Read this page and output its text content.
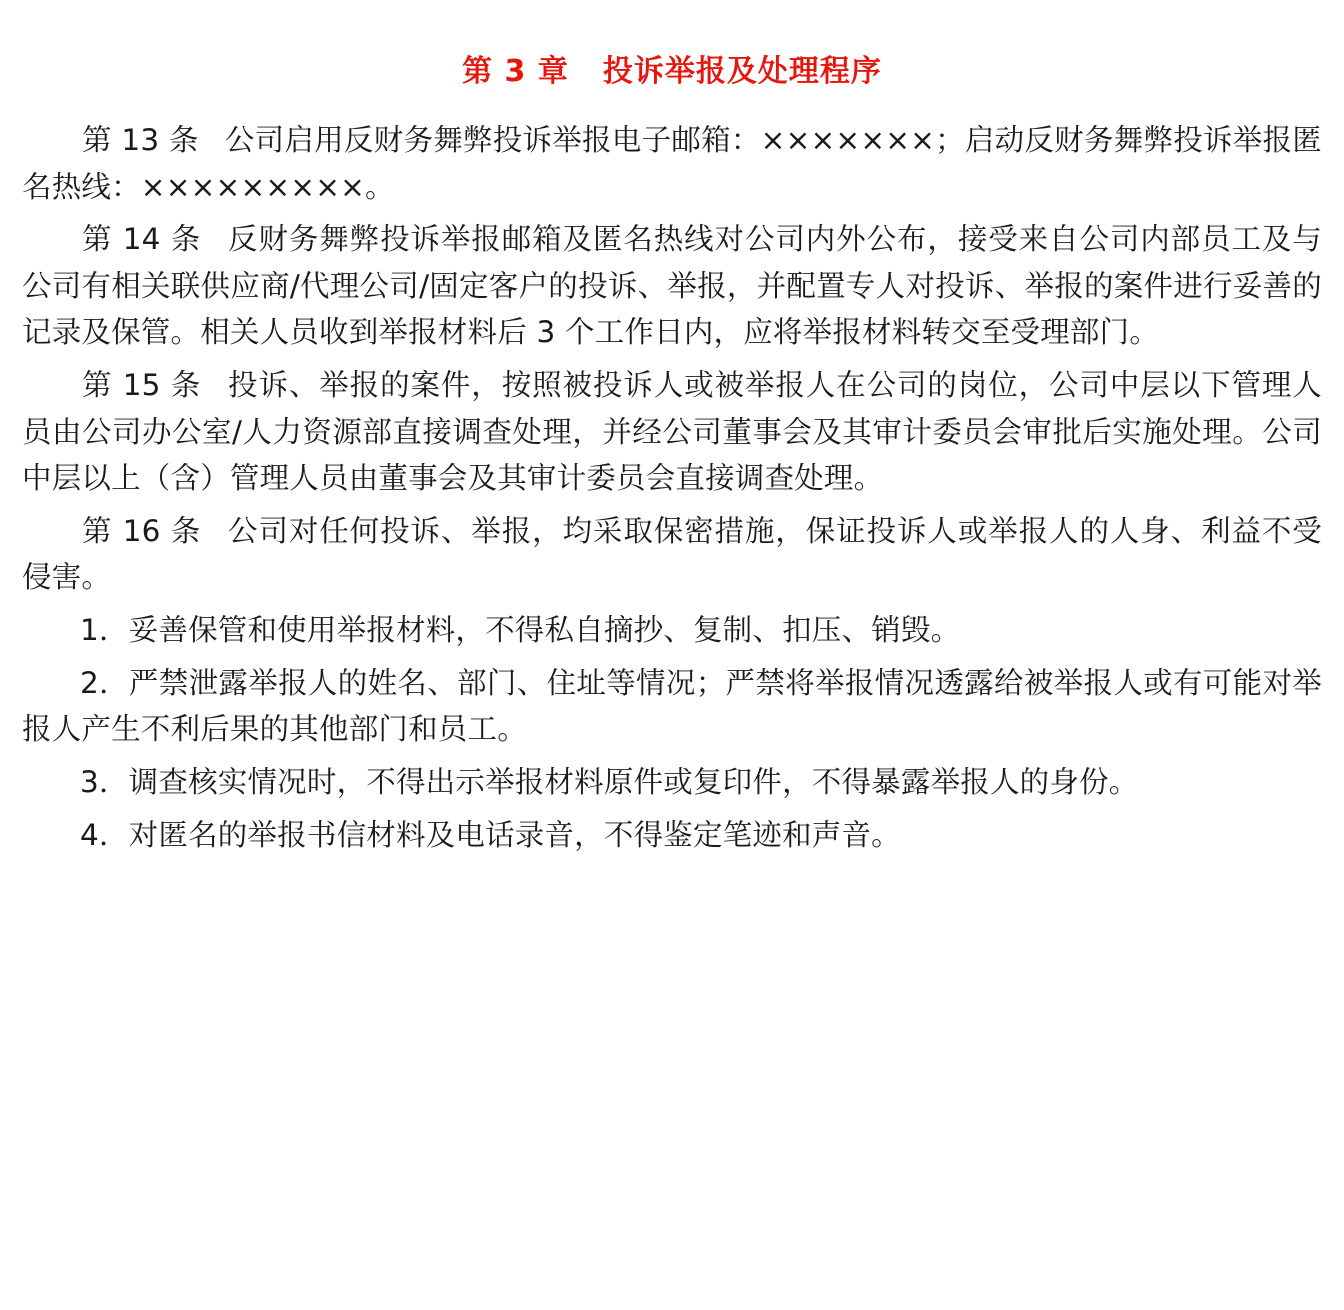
第 3 章 投诉举报及处理程序

第 13 条 公司启用反财务舞弊投诉举报电子邮箱：×××××××；启动反财务舞弊投诉举报匿名热线：×××××××××。

第 14 条 反财务舞弊投诉举报邮箱及匿名热线对公司内外公布，接受来自公司内部员工及与公司有相关联供应商/代理公司/固定客户的投诉、举报，并配置专人对投诉、举报的案件进行妥善的记录及保管。相关人员收到举报材料后 3 个工作日内，应将举报材料转交至受理部门。

第 15 条 投诉、举报的案件，按照被投诉人或被举报人在公司的岗位，公司中层以下管理人员由公司办公室/人力资源部直接调查处理，并经公司董事会及其审计委员会审批后实施处理。公司中层以上（含）管理人员由董事会及其审计委员会直接调查处理。

第 16 条 公司对任何投诉、举报，均采取保密措施，保证投诉人或举报人的人身、利益不受侵害。

1．妥善保管和使用举报材料，不得私自摘抄、复制、扣压、销毁。

2．严禁泄露举报人的姓名、部门、住址等情况；严禁将举报情况透露给被举报人或有可能对举报人产生不利后果的其他部门和员工。

3．调查核实情况时，不得出示举报材料原件或复印件，不得暴露举报人的身份。

4．对匿名的举报书信材料及电话录音，不得鉴定笔迹和声音。
